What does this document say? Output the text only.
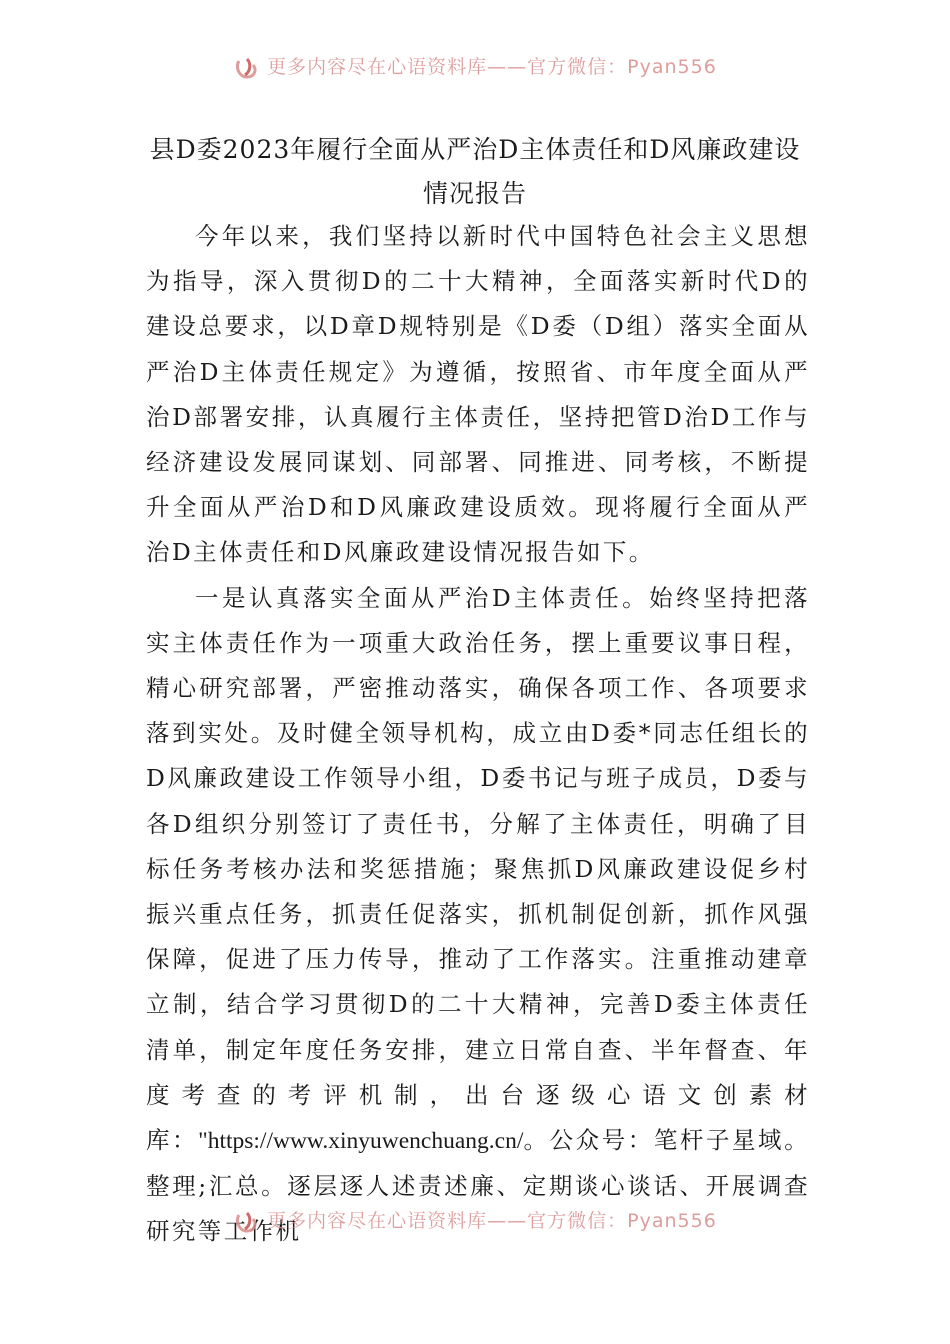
更多内容尽在心语资料库——官方微信：Pyan556
县D委2023年履行全面从严治D主体责任和D风廉政建设
情况报告

今年以来，我们坚持以新时代中国特色社会主义思想为指导，深入贯彻D的二十大精神，全面落实新时代D的建设总要求，以D章D规特别是《D委（D组）落实全面从严治D主体责任规定》为遵循，按照省、市年度全面从严治D部署安排，认真履行主体责任，坚持把管D治D工作与经济建设发展同谋划、同部署、同推进、同考核，不断提升全面从严治D和D风廉政建设质效。现将履行全面从严治D主体责任和D风廉政建设情况报告如下。

一是认真落实全面从严治D主体责任。始终坚持把落实主体责任作为一项重大政治任务，摆上重要议事日程，精心研究部署，严密推动落实，确保各项工作、各项要求落到实处。及时健全领导机构，成立由D委*同志任组长的D风廉政建设工作领导小组，D委书记与班子成员，D委与各D组织分别签订了责任书，分解了主体责任，明确了目标任务考核办法和奖惩措施；聚焦抓D风廉政建设促乡村振兴重点任务，抓责任促落实，抓机制促创新，抓作风强保障，促进了压力传导，推动了工作落实。注重推动建章立制，结合学习贯彻D的二十大精神，完善D委主体责任清单，制定年度任务安排，建立日常自查、半年督查、年度考查的考评机制，出台逐级心语文创素材库："https://www.xinyuwenchuang.cn/。公众号：笔杆子星域。整理;汇总。逐层逐人述责述廉、定期谈心谈话、开展调查研究等工作机

更多内容尽在心语资料库——官方微信：Pyan556
